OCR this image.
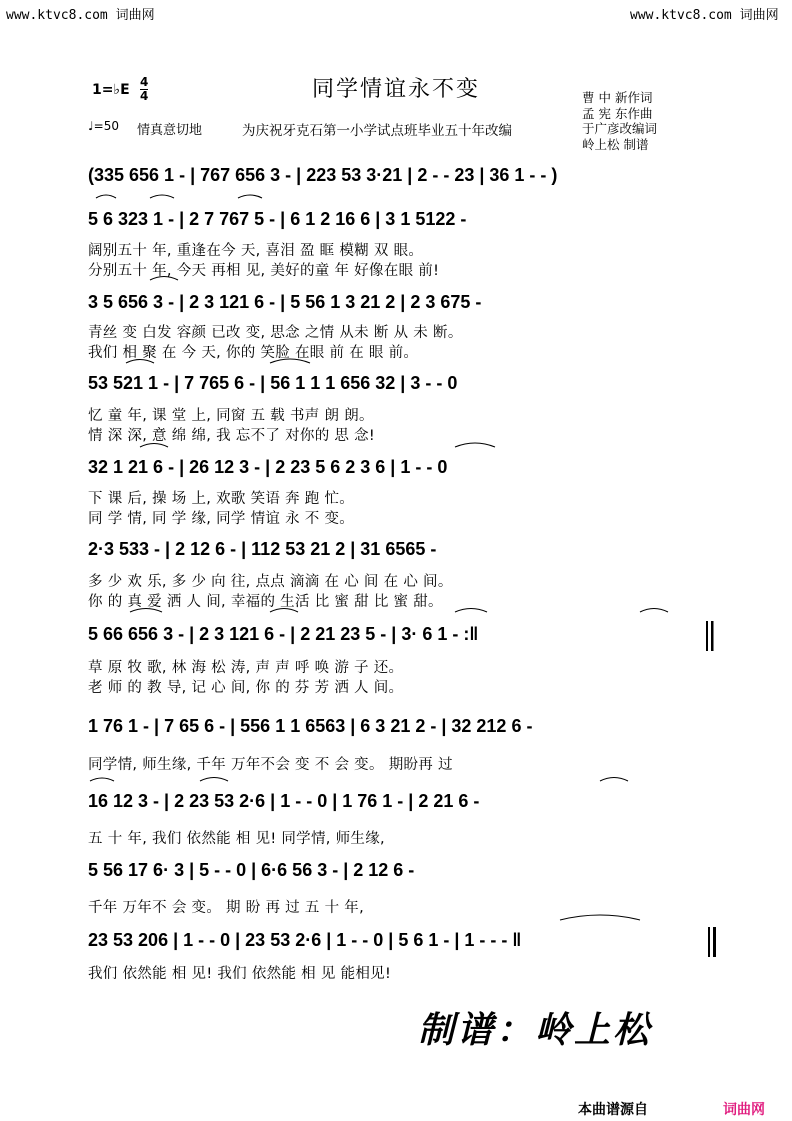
www.ktvc8.com 词曲网	www.ktvc8.com 词曲网
同学情谊永不变
1=♭E 4
4	曹 中 新作词
孟 宪 东作曲
于广彦改编词
岭上松 制谱
♩=50 情真意切地	为庆祝牙克石第一小学试点班毕业五十年改编
(335 656 1 - | 767 656 3 - | 223 53 3·21 | 2 - - 23 | 36 1 - - )
5 6 323 1 - | 2 7 767 5 - | 6 1 2 16 6 | 3 1 5122 -
阔别五十 年, 重逢在今 天, 喜泪 盈 眶 模糊 双 眼。
分别五十 年, 今天 再相 见, 美好的童 年 好像在眼 前!
3 5 656 3 - | 2 3 121 6 - | 5 56 1 3 21 2 | 2 3 675 -
青丝 变 白发 容颜 已改 变, 思念 之情 从未 断 从 未 断。
我们 相 聚 在 今 天, 你的 笑脸 在眼 前 在 眼 前。
53 521 1 - | 7 765 6 - | 56 1 1 1 656 32 | 3 - - 0
忆 童 年, 课 堂 上, 同窗 五 载 书声 朗 朗。
情 深 深, 意 绵 绵, 我 忘不了 对你的 思 念!
32 1 21 6 - | 26 12 3 - | 2 23 5 6 2 3 6 | 1 - - 0
下 课 后, 操 场 上, 欢歌 笑语 奔 跑 忙。
同 学 情, 同 学 缘, 同学 情谊 永 不 变。
2·3 533 - | 2 12 6 - | 112 53 21 2 | 31 6565 -
多 少 欢 乐, 多 少 向 往, 点点 滴滴 在 心 间 在 心 间。
你 的 真 爱 洒 人 间, 幸福的 生活 比 蜜 甜 比 蜜 甜。
5 66 656 3 - | 2 3 121 6 - | 2 21 23 5 - | 3· 6 1 - :‖
草 原 牧 歌, 林 海 松 涛, 声 声 呼 唤 游 子 还。
老 师 的 教 导, 记 心 间, 你 的 芬 芳 洒 人 间。
1 76 1 - | 7 65 6 - | 556 1 1 6563 | 6 3 21 2 - | 32 212 6 -
同学情, 师生缘, 千年 万年不会 变 不 会 变。 期盼再 过
16 12 3 - | 2 23 53 2·6 | 1 - - 0 | 1 76 1 - | 2 21 6 -
五 十 年, 我们 依然能 相 见! 同学情, 师生缘,
5 56 17 6· 3 | 5 - - 0 | 6·6 56 3 - | 2 12 6 -
千年 万年不 会 变。 期 盼 再 过 五 十 年,
23 53 206 | 1 - - 0 | 23 53 2·6 | 1 - - 0 | 5 6 1 - | 1 - - - ‖
我们 依然能 相 见! 我们 依然能 相 见 能相见!
制谱：岭上松
本曲谱源自	词曲网
